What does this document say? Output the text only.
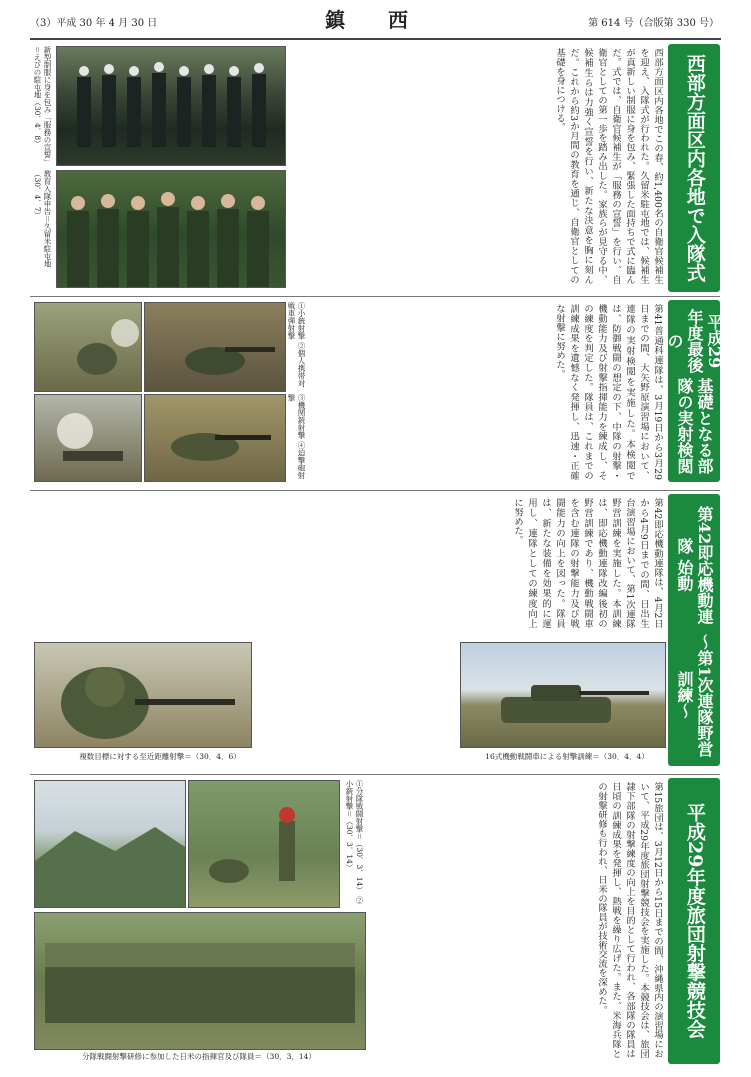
（3）平成 30 年 4 月 30 日	鎮 西	第 614 号（合版第 330 号）
西部方面区内各地で入隊式
西部方面区内各地でこの春、約1,400名の自衛官候補生を迎え、入隊式が行われた。久留米駐屯地では、候補生が真新しい制服に身を包み、緊張した面持ちで式に臨んだ。式では、自衛官候補生が「服務の宣誓」を行い、自衛官としての第一歩を踏み出した。家族らが見守る中、候補生らは力強く宣誓を行い、新たな決意を胸に刻んだ。これから約3か月間の教育を通じ、自衛官としての基礎を身につける。
新型制服に身を包み「服務の宣誓」＝えびの駐屯地（30．4．8）
教育入隊申告＝久留米駐屯地（30．4．7）
平成29年度最後の
基礎となる部隊の実射検閲
第41普通科連隊は、3月19日から3月29日までの間、大矢野原演習場において、連隊の実射検閲を実施した。本検閲では、防御戦闘の想定の下、中隊の射撃・機動能力及び射撃指揮能力を練成し、その練度を判定した。隊員は、これまでの訓練成果を遺憾なく発揮し、迅速・正確な射撃に努めた。
①小銃射撃 ②個人携帯対戦車弾射撃
③機関銃射撃 ④迫撃砲射撃
第42即応機動連隊 始動
～第1次連隊野営訓練～
第42即応機動連隊は、4月2日から4月9日までの間、日出生台演習場において、第1次連隊野営訓練を実施した。本訓練は、即応機動連隊改編後初の野営訓練であり、機動戦闘車を含む連隊の射撃能力及び戦闘能力の向上を図った。隊員は、新たな装備を効果的に運用し、連隊としての練度向上に努めた。
複数目標に対する至近距離射撃＝（30．4．6）	16式機動戦闘車による射撃訓練＝（30．4．4）
平成29年度旅団射撃競技会
第15旅団は、3月12日から15日までの間、沖縄県内の演習場において、平成29年度旅団射撃競技会を実施した。本競技会は、旅団隷下部隊の射撃練度の向上を目的として行われ、各部隊の隊員は日頃の訓練成果を発揮し、熱戦を繰り広げた。また、米海兵隊との射撃研修も行われ、日米の隊員が技術交流を深めた。
①分隊戦闘射撃＝（30．3．14） ②小銃射撃＝（30．3．14）
分隊戦闘射撃研修に参加した日米の指揮官及び隊員＝（30．3．14）
